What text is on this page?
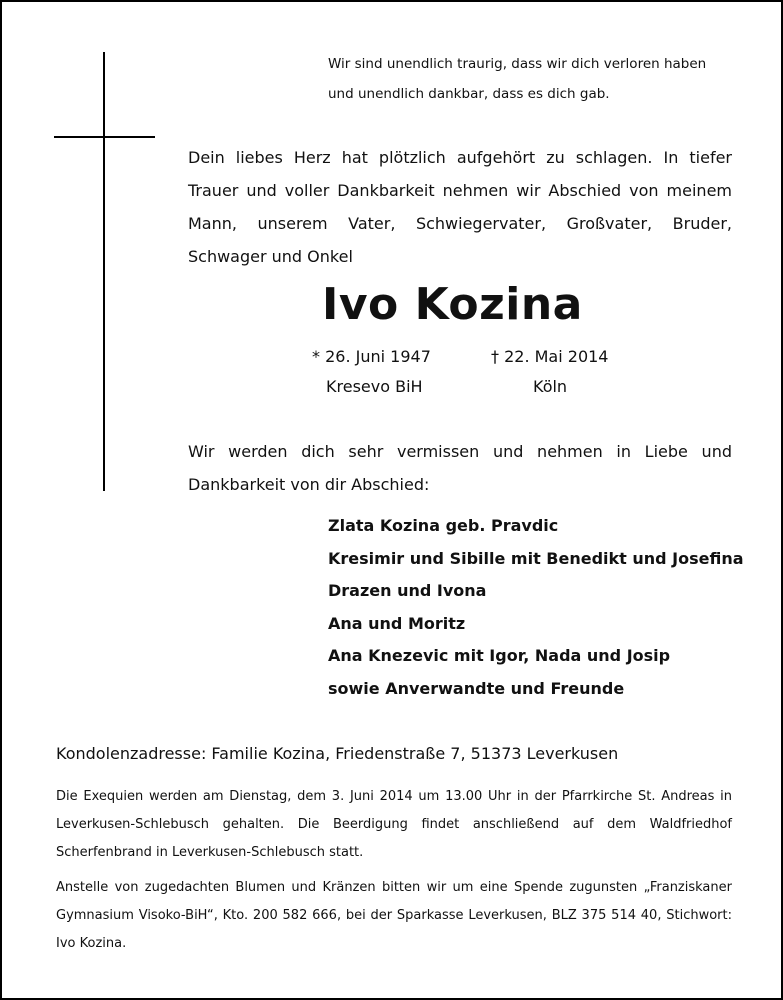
Wir sind unendlich traurig, dass wir dich verloren haben
und unendlich dankbar, dass es dich gab.

Dein liebes Herz hat plötzlich aufgehört zu schlagen. In tiefer Trauer und voller Dankbarkeit nehmen wir Abschied von meinem Mann, unserem Vater, Schwiegervater, Großvater, Bruder, Schwager und Onkel

Ivo Kozina
* 26. Juni 1947
Kresevo BiH
† 22. Mai 2014
Köln

Wir werden dich sehr vermissen und nehmen in Liebe und Dankbarkeit von dir Abschied:

Zlata Kozina geb. Pravdic
Kresimir und Sibille mit Benedikt und Josefina
Drazen und Ivona
Ana und Moritz
Ana Knezevic mit Igor, Nada und Josip
sowie Anverwandte und Freunde

Kondolenzadresse: Familie Kozina, Friedenstraße 7, 51373 Leverkusen

Die Exequien werden am Dienstag, dem 3. Juni 2014 um 13.00 Uhr in der Pfarrkirche St. Andreas in Leverkusen-Schlebusch gehalten. Die Beerdigung findet anschließend auf dem Waldfriedhof Scherfenbrand in Leverkusen-Schlebusch statt.

Anstelle von zugedachten Blumen und Kränzen bitten wir um eine Spende zugunsten „Franziskaner Gymnasium Visoko-BiH“, Kto. 200 582 666, bei der Sparkasse Leverkusen, BLZ 375 514 40, Stichwort: Ivo Kozina.
